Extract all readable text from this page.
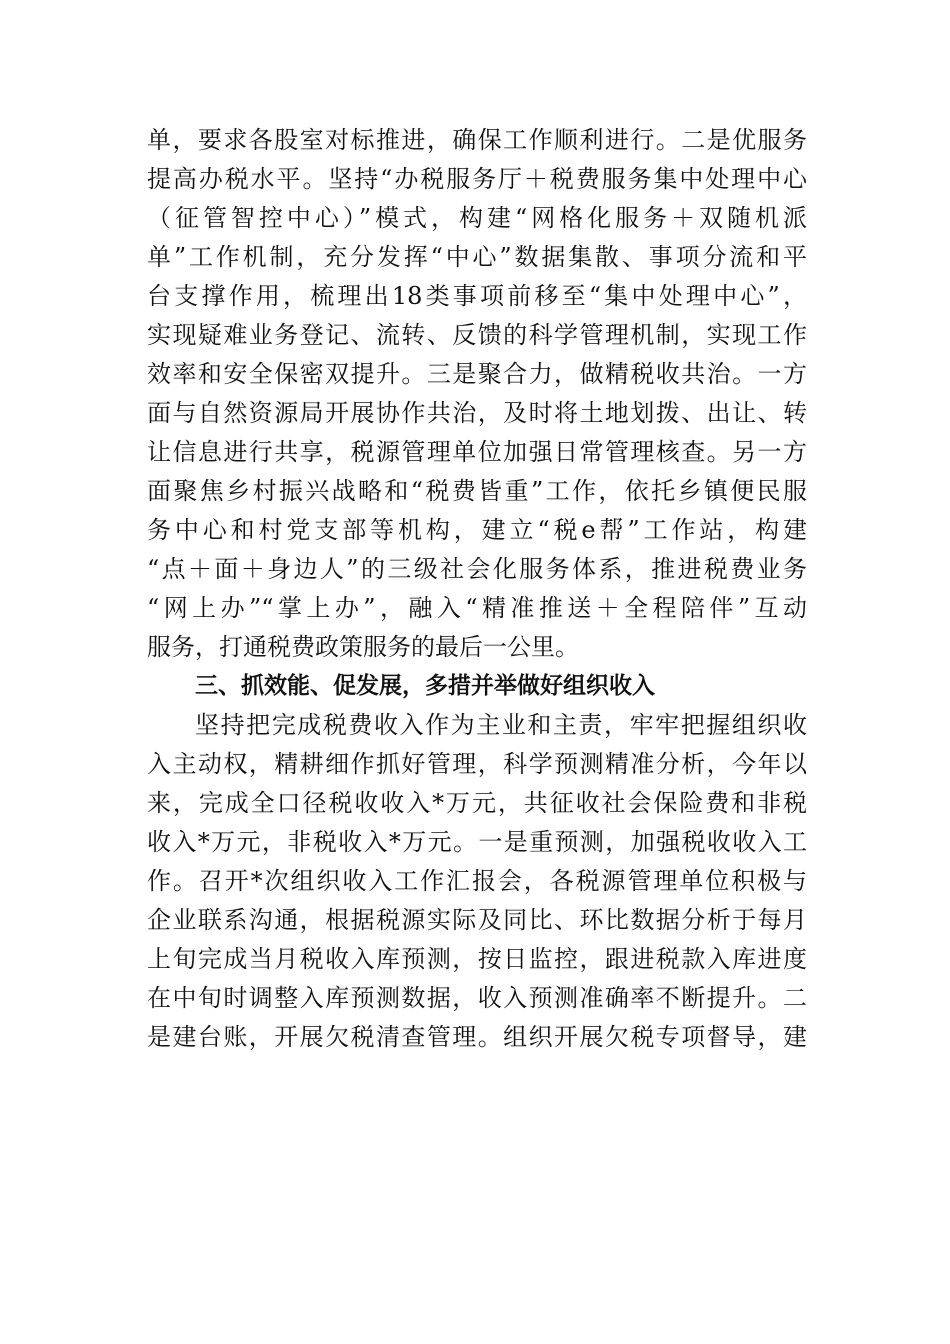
单，要求各股室对标推进，确保工作顺利进行。二是优服务
提高办税水平。坚持“办税服务厅＋税费服务集中处理中心
（征管智控中心）”模式，构建“网格化服务＋双随机派
单”工作机制，充分发挥“中心”数据集散、事项分流和平
台支撑作用，梳理出18类事项前移至“集中处理中心”，
实现疑难业务登记、流转、反馈的科学管理机制，实现工作
效率和安全保密双提升。三是聚合力，做精税收共治。一方
面与自然资源局开展协作共治，及时将土地划拨、出让、转
让信息进行共享，税源管理单位加强日常管理核查。另一方
面聚焦乡村振兴战略和“税费皆重”工作，依托乡镇便民服
务中心和村党支部等机构，建立“税e帮”工作站，构建
“点＋面＋身边人”的三级社会化服务体系，推进税费业务
“网上办”“掌上办”，融入“精准推送＋全程陪伴”互动
服务，打通税费政策服务的最后一公里。
三、抓效能、促发展，多措并举做好组织收入
坚持把完成税费收入作为主业和主责，牢牢把握组织收
入主动权，精耕细作抓好管理，科学预测精准分析，今年以
来，完成全口径税收收入*万元，共征收社会保险费和非税
收入*万元，非税收入*万元。一是重预测，加强税收收入工
作。召开*次组织收入工作汇报会，各税源管理单位积极与
企业联系沟通，根据税源实际及同比、环比数据分析于每月
上旬完成当月税收入库预测，按日监控，跟进税款入库进度
在中旬时调整入库预测数据，收入预测准确率不断提升。二
是建台账，开展欠税清查管理。组织开展欠税专项督导，建
